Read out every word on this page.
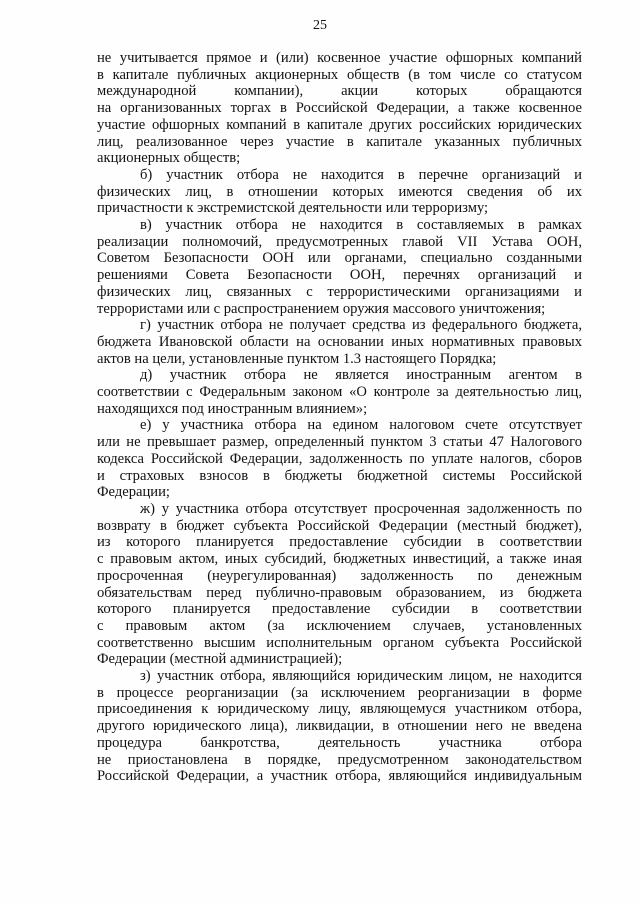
25
не учитывается прямое и (или) косвенное участие офшорных компаний
в капитале публичных акционерных обществ (в том числе со статусом
международной компании), акции которых обращаются
на организованных торгах в Российской Федерации, а также косвенное
участие офшорных компаний в капитале других российских юридических
лиц, реализованное через участие в капитале указанных публичных
акционерных обществ;
б) участник отбора не находится в перечне организаций и
физических лиц, в отношении которых имеются сведения об их
причастности к экстремистской деятельности или терроризму;
в) участник отбора не находится в составляемых в рамках
реализации полномочий, предусмотренных главой VII Устава ООН,
Советом Безопасности ООН или органами, специально созданными
решениями Совета Безопасности ООН, перечнях организаций и
физических лиц, связанных с террористическими организациями и
террористами или с распространением оружия массового уничтожения;
г) участник отбора не получает средства из федерального бюджета,
бюджета Ивановской области на основании иных нормативных правовых
актов на цели, установленные пунктом 1.3 настоящего Порядка;
д) участник отбора не является иностранным агентом в
соответствии с Федеральным законом «О контроле за деятельностью лиц,
находящихся под иностранным влиянием»;
е) у участника отбора на едином налоговом счете отсутствует
или не превышает размер, определенный пунктом 3 статьи 47 Налогового
кодекса Российской Федерации, задолженность по уплате налогов, сборов
и страховых взносов в бюджеты бюджетной системы Российской
Федерации;
ж) у участника отбора отсутствует просроченная задолженность по
возврату в бюджет субъекта Российской Федерации (местный бюджет),
из которого планируется предоставление субсидии в соответствии
с правовым актом, иных субсидий, бюджетных инвестиций, а также иная
просроченная (неурегулированная) задолженность по денежным
обязательствам перед публично-правовым образованием, из бюджета
которого планируется предоставление субсидии в соответствии
с правовым актом (за исключением случаев, установленных
соответственно высшим исполнительным органом субъекта Российской
Федерации (местной администрацией);
з) участник отбора, являющийся юридическим лицом, не находится
в процессе реорганизации (за исключением реорганизации в форме
присоединения к юридическому лицу, являющемуся участником отбора,
другого юридического лица), ликвидации, в отношении него не введена
процедура банкротства, деятельность участника отбора
не приостановлена в порядке, предусмотренном законодательством
Российской Федерации, а участник отбора, являющийся индивидуальным
